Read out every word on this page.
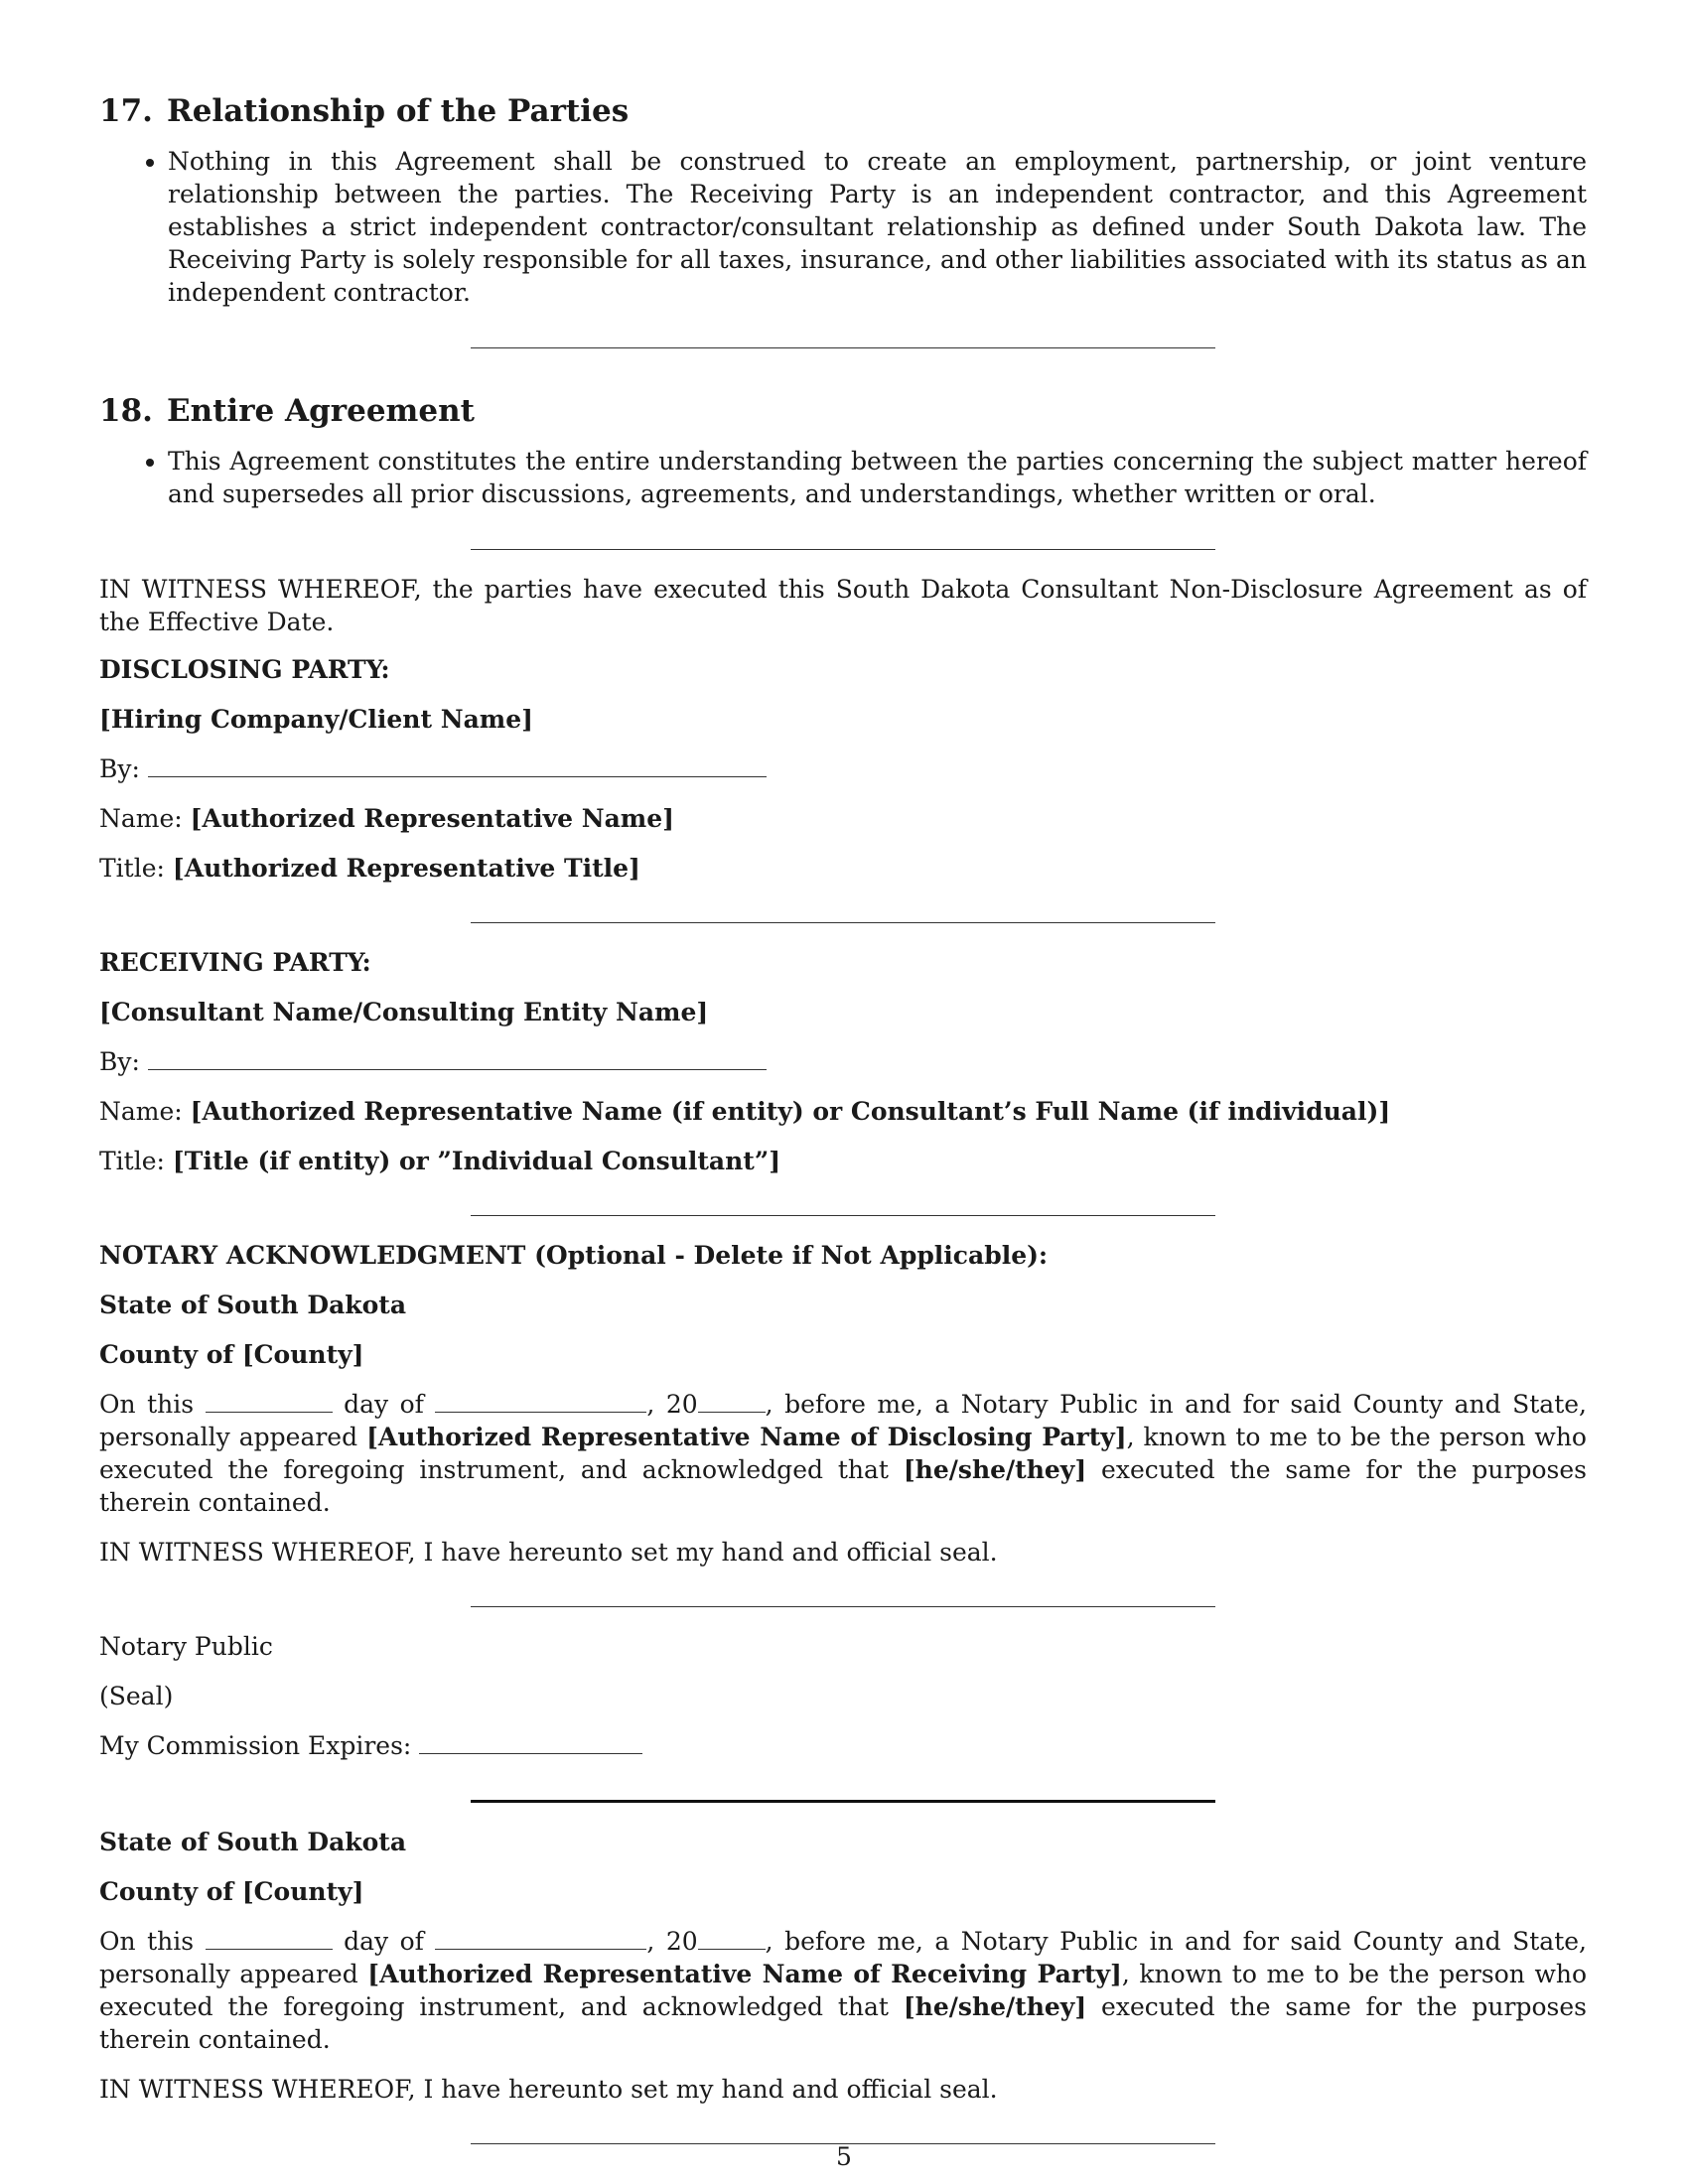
17. Relationship of the Parties
• Nothing in this Agreement shall be construed to create an employment, partnership, or joint venture relationship between the parties. The Receiving Party is an independent contractor, and this Agreement establishes a strict independent contractor/consultant relationship as defined under South Dakota law. The Receiving Party is solely responsible for all taxes, insurance, and other liabilities associated with its status as an independent contractor.
18. Entire Agreement
• This Agreement constitutes the entire understanding between the parties concerning the subject matter hereof and supersedes all prior discussions, agreements, and understandings, whether written or oral.

IN WITNESS WHEREOF, the parties have executed this South Dakota Consultant Non-Disclosure Agreement as of the Effective Date.

DISCLOSING PARTY:

[Hiring Company/Client Name]

By:

Name: [Authorized Representative Name]

Title: [Authorized Representative Title]

RECEIVING PARTY:

[Consultant Name/Consulting Entity Name]

By:

Name: [Authorized Representative Name (if entity) or Consultant’s Full Name (if individual)]

Title: [Title (if entity) or ”Individual Consultant”]

NOTARY ACKNOWLEDGMENT (Optional - Delete if Not Applicable):

State of South Dakota

County of [County]

On this	day of	, 20	, before me, a Notary Public in and for said County and State, personally appeared [Authorized Representative Name of Disclosing Party], known to me to be the person who executed the foregoing instrument, and acknowledged that [he/she/they] executed the same for the purposes therein contained.

IN WITNESS WHEREOF, I have hereunto set my hand and official seal.

Notary Public

(Seal)

My Commission Expires:

State of South Dakota

County of [County]

On this	day of	, 20	, before me, a Notary Public in and for said County and State, personally appeared [Authorized Representative Name of Receiving Party], known to me to be the person who executed the foregoing instrument, and acknowledged that [he/she/they] executed the same for the purposes therein contained.

IN WITNESS WHEREOF, I have hereunto set my hand and official seal.

5
